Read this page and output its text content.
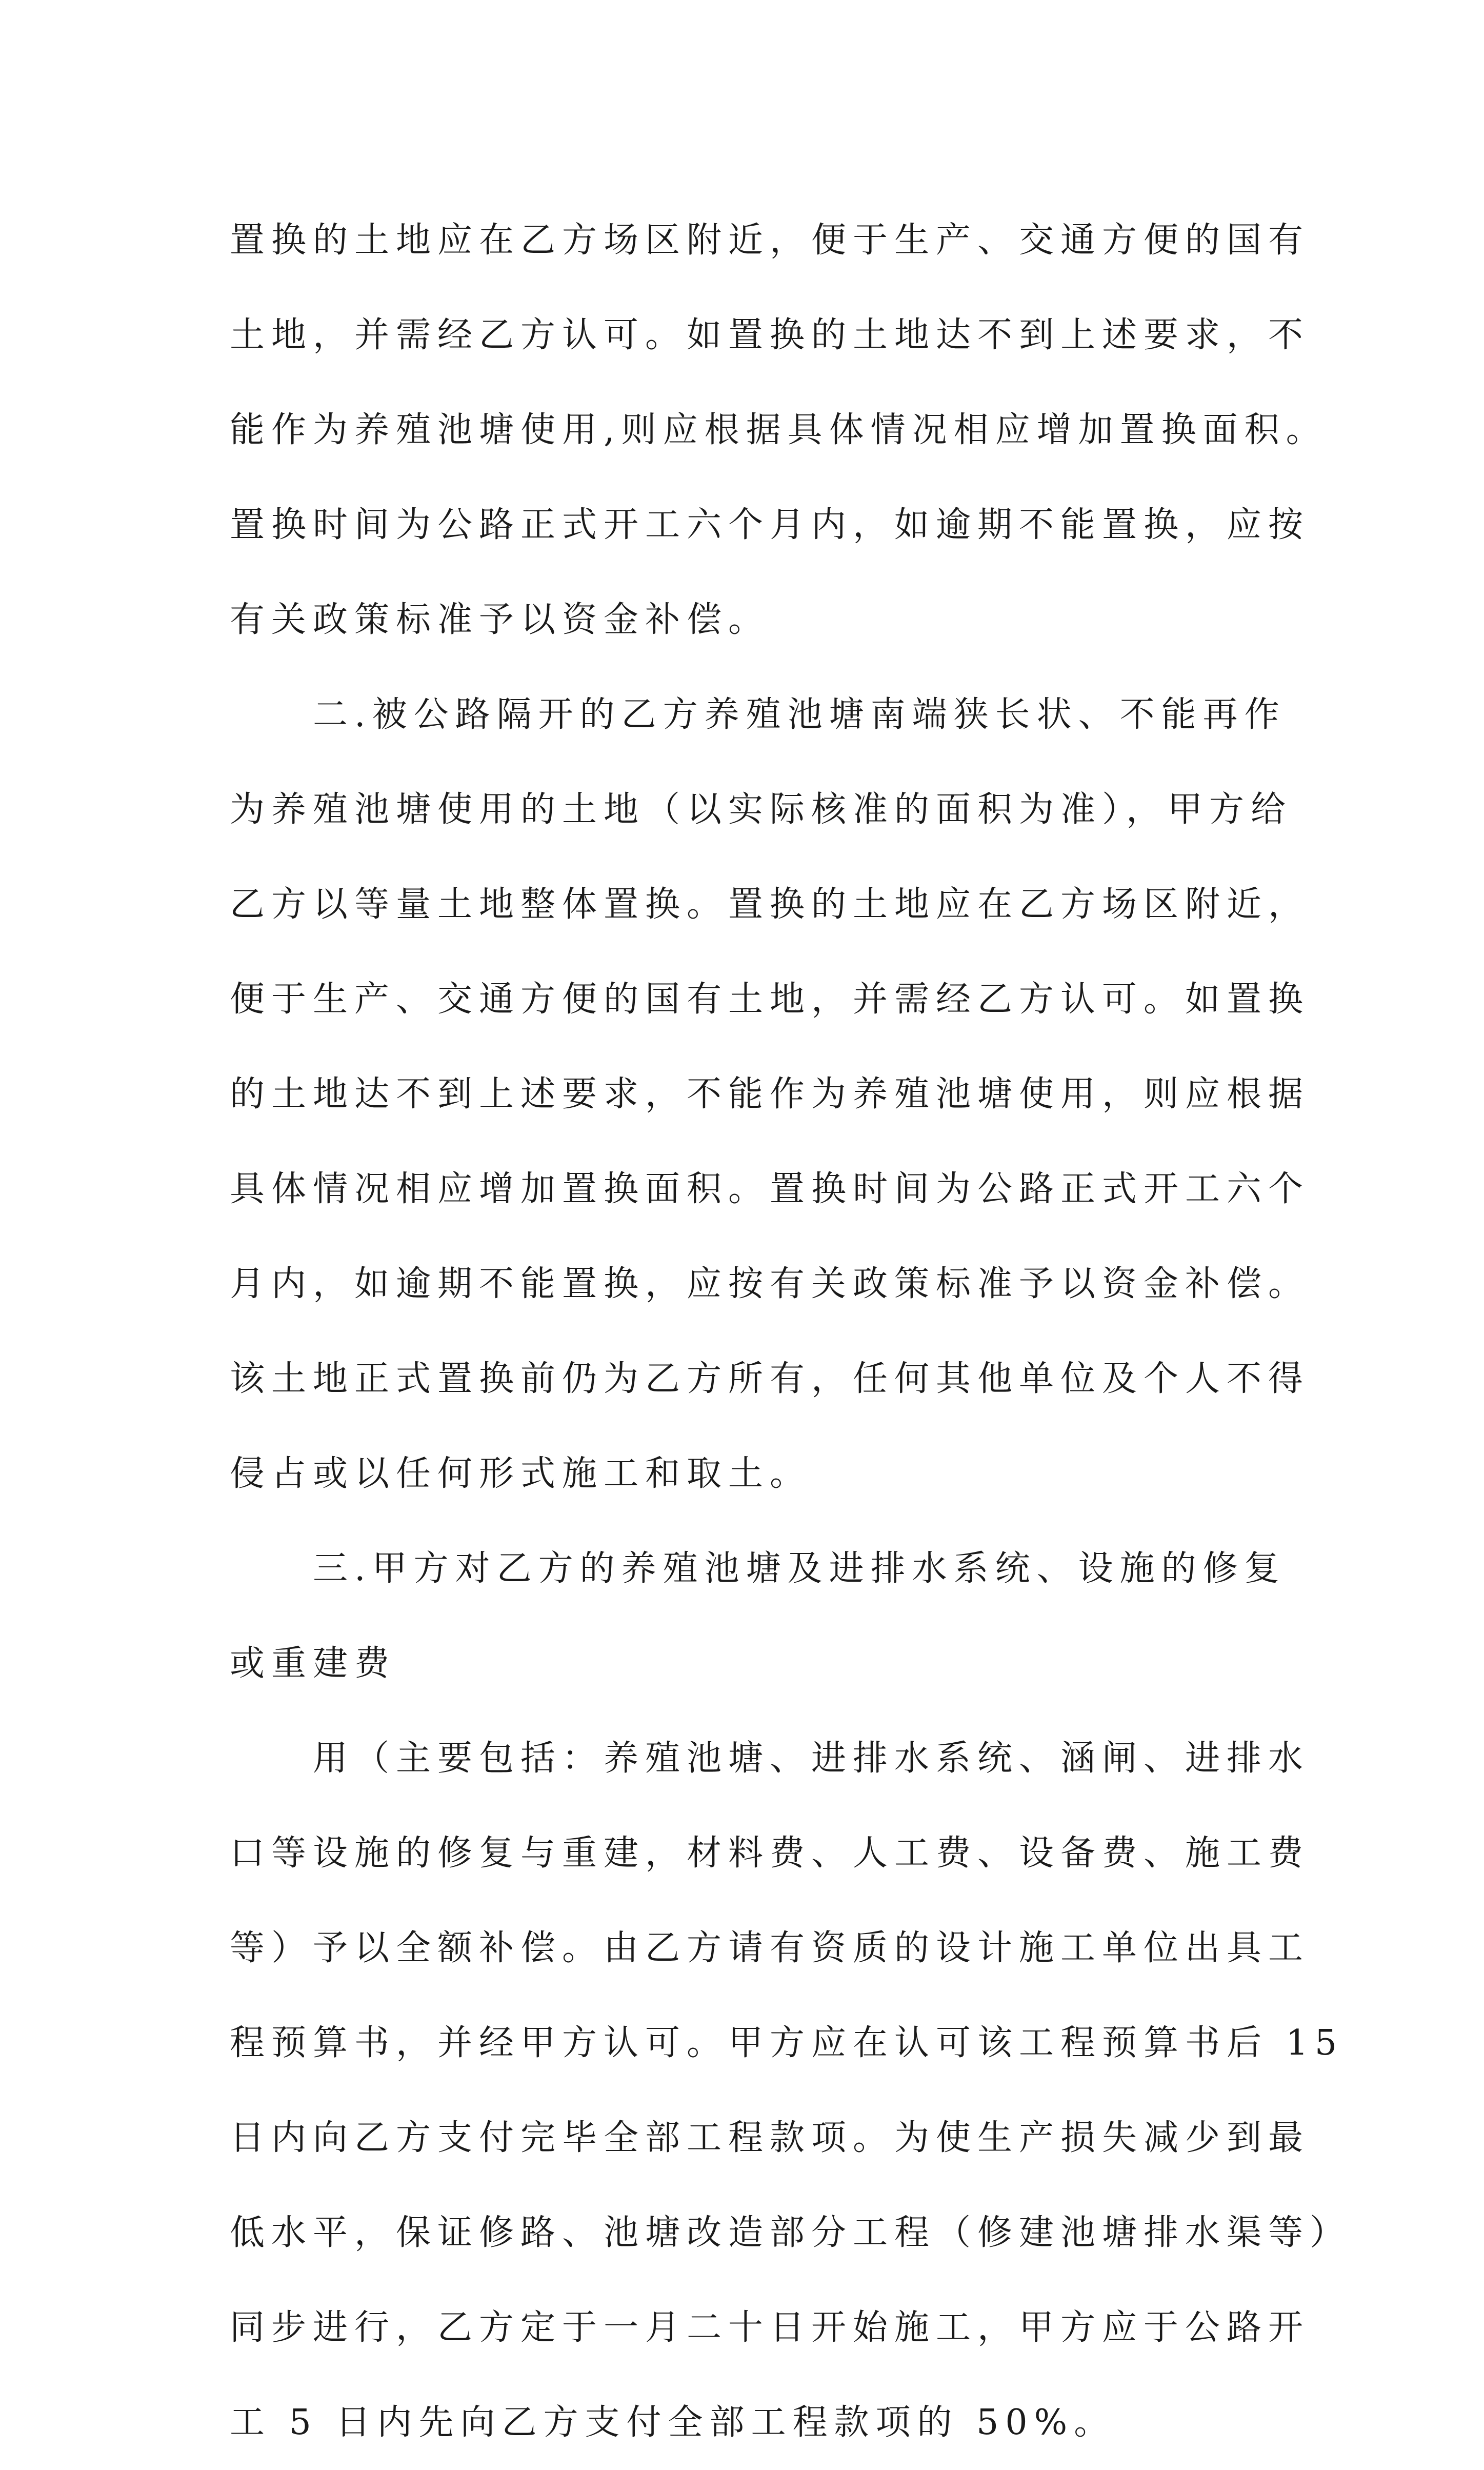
置换的土地应在乙方场区附近，便于生产、交通方便的国有
土地，并需经乙方认可。如置换的土地达不到上述要求，不
能作为养殖池塘使用,则应根据具体情况相应增加置换面积。
置换时间为公路正式开工六个月内，如逾期不能置换，应按
有关政策标准予以资金补偿。
二.被公路隔开的乙方养殖池塘南端狭长状、不能再作
为养殖池塘使用的土地（以实际核准的面积为准），甲方给
乙方以等量土地整体置换。置换的土地应在乙方场区附近，
便于生产、交通方便的国有土地，并需经乙方认可。如置换
的土地达不到上述要求，不能作为养殖池塘使用，则应根据
具体情况相应增加置换面积。置换时间为公路正式开工六个
月内，如逾期不能置换，应按有关政策标准予以资金补偿。
该土地正式置换前仍为乙方所有，任何其他单位及个人不得
侵占或以任何形式施工和取土。
三.甲方对乙方的养殖池塘及进排水系统、设施的修复
或重建费
用（主要包括：养殖池塘、进排水系统、涵闸、进排水
口等设施的修复与重建，材料费、人工费、设备费、施工费
等）予以全额补偿。由乙方请有资质的设计施工单位出具工
程预算书，并经甲方认可。甲方应在认可该工程预算书后 15
日内向乙方支付完毕全部工程款项。为使生产损失减少到最
低水平，保证修路、池塘改造部分工程（修建池塘排水渠等）
同步进行，乙方定于一月二十日开始施工，甲方应于公路开
工 5 日内先向乙方支付全部工程款项的 50%。
